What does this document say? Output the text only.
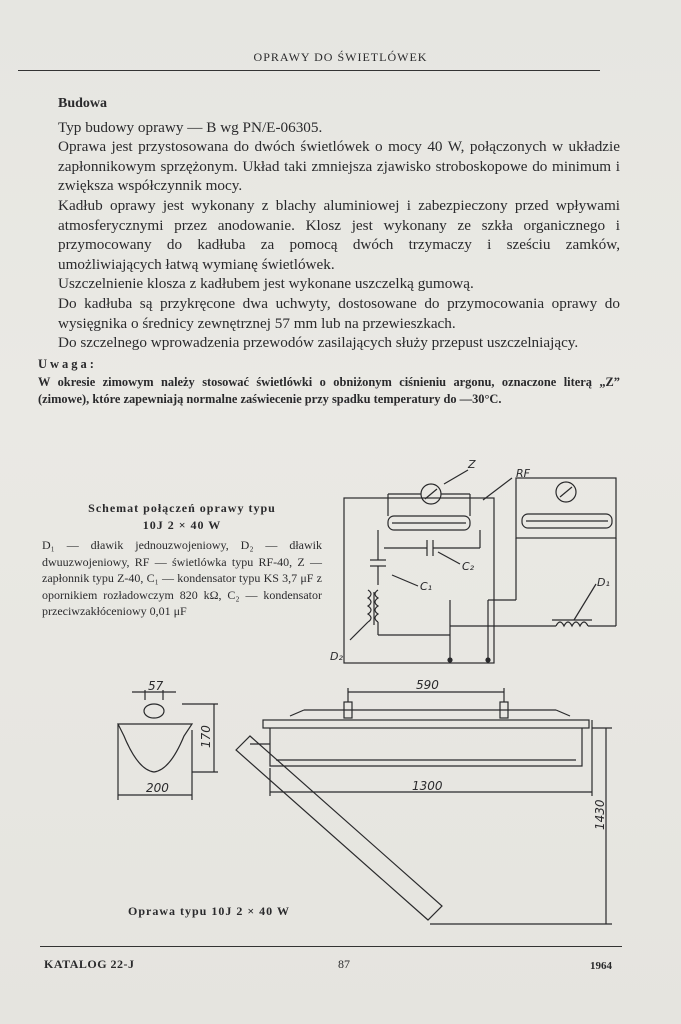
OPRAWY DO ŚWIETLÓWEK
Budowa

Typ budowy oprawy — B wg PN/E-06305.

Oprawa jest przystosowana do dwóch świetlówek o mocy 40 W, połączonych w układzie zapłonnikowym sprzężonym. Układ taki zmniejsza zjawisko stroboskopowe do minimum i zwiększa współczynnik mocy.

Kadłub oprawy jest wykonany z blachy aluminiowej i zabezpieczony przed wpływami atmosferycznymi przez anodowanie. Klosz jest wykonany ze szkła organicznego i przymocowany do kadłuba za pomocą dwóch trzymaczy i sześciu zamków, umożliwiających łatwą wymianę świetlówek.

Uszczelnienie klosza z kadłubem jest wykonane uszczelką gumową.

Do kadłuba są przykręcone dwa uchwyty, dostosowane do przymocowania oprawy do wysięgnika o średnicy zewnętrznej 57 mm lub na przewieszkach.

Do szczelnego wprowadzenia przewodów zasilających służy przepust uszczelniający.

Uwaga:
W okresie zimowym należy stosować świetlówki o obniżonym ciśnieniu argonu, oznaczone literą „Z” (zimowe), które zapewniają normalne zaświecenie przy spadku temperatury do —30°C.
Schemat połączeń oprawy typu
10J 2 × 40 W
D₁ — dławik jednouzwojeniowy, D₂ — dławik dwuuzwojeniowy, RF — świetlówka typu RF-40, Z — zapłonnik typu Z-40, C₁ — kondensator typu KS 3,7 μF z opornikiem rozładowczym 820 kΩ, C₂ — kondensator przeciwzakłóceniowy 0,01 μF
Z
RF
C₁
C₂
D₁
D₂
57
200
170
590
1300
1430
Oprawa typu 10J 2 × 40 W
KATALOG 22-J	87	1964
